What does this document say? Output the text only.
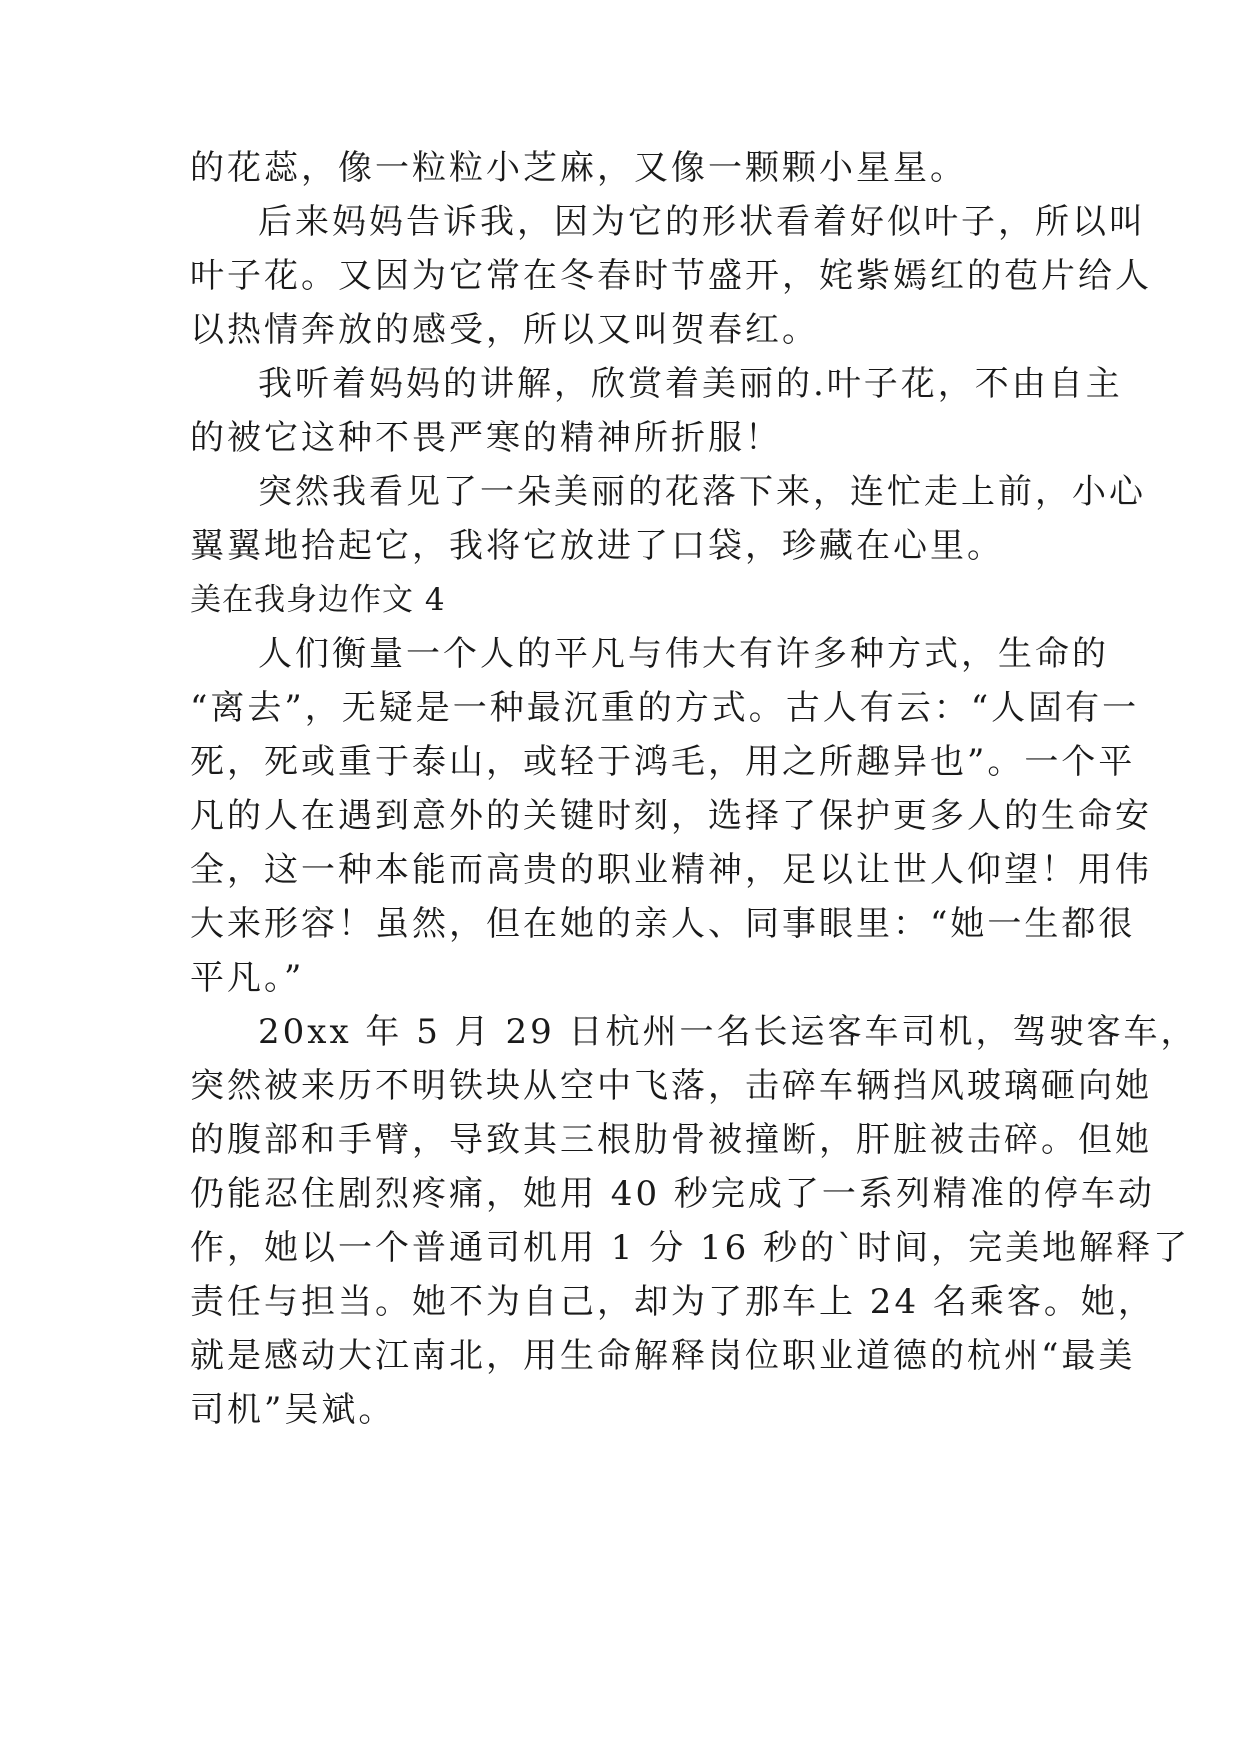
的花蕊，像一粒粒小芝麻，又像一颗颗小星星。
后来妈妈告诉我，因为它的形状看着好似叶子，所以叫
叶子花。又因为它常在冬春时节盛开，姹紫嫣红的苞片给人
以热情奔放的感受，所以又叫贺春红。
我听着妈妈的讲解，欣赏着美丽的.叶子花，不由自主
的被它这种不畏严寒的精神所折服！
突然我看见了一朵美丽的花落下来，连忙走上前，小心
翼翼地拾起它，我将它放进了口袋，珍藏在心里。
美在我身边作文 4
人们衡量一个人的平凡与伟大有许多种方式，生命的
“离去”，无疑是一种最沉重的方式。古人有云：“人固有一
死，死或重于泰山，或轻于鸿毛，用之所趣异也”。一个平
凡的人在遇到意外的关键时刻，选择了保护更多人的生命安
全，这一种本能而高贵的职业精神，足以让世人仰望！用伟
大来形容！虽然，但在她的亲人、同事眼里：“她一生都很
平凡。”
20xx 年 5 月 29 日杭州一名长运客车司机，驾驶客车，
突然被来历不明铁块从空中飞落，击碎车辆挡风玻璃砸向她
的腹部和手臂，导致其三根肋骨被撞断，肝脏被击碎。但她
仍能忍住剧烈疼痛，她用 40 秒完成了一系列精准的停车动
作，她以一个普通司机用 1 分 16 秒的`时间，完美地解释了
责任与担当。她不为自己，却为了那车上 24 名乘客。她，
就是感动大江南北，用生命解释岗位职业道德的杭州“最美
司机”吴斌。
